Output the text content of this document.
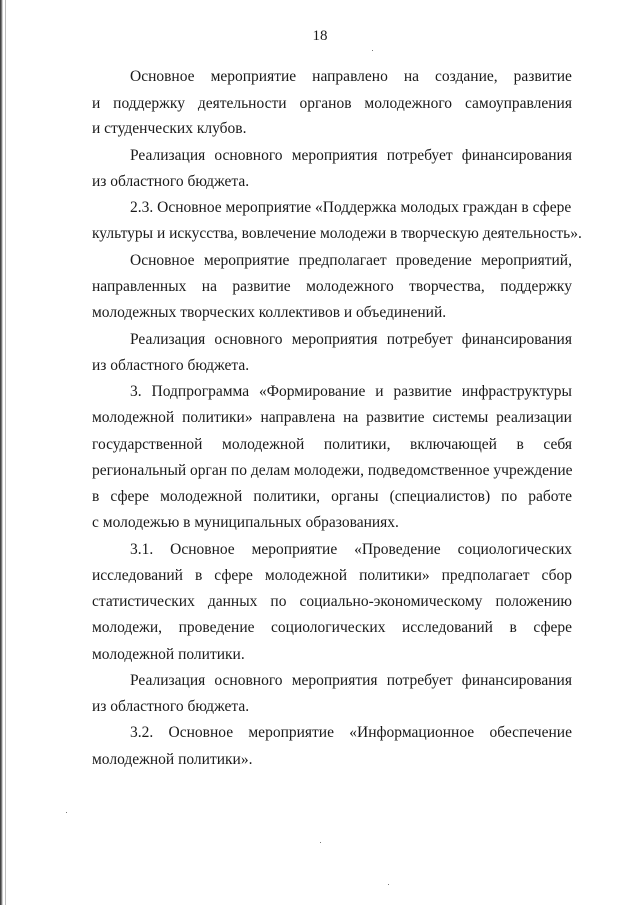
18
Основное мероприятие направлено на создание, развитие
и поддержку деятельности органов молодежного самоуправления
и студенческих клубов.
Реализация основного мероприятия потребует финансирования
из областного бюджета.
2.3. Основное мероприятие «Поддержка молодых граждан в сфере
культуры и искусства, вовлечение молодежи в творческую деятельность».
Основное мероприятие предполагает проведение мероприятий,
направленных на развитие молодежного творчества, поддержку
молодежных творческих коллективов и объединений.
Реализация основного мероприятия потребует финансирования
из областного бюджета.
3. Подпрограмма «Формирование и развитие инфраструктуры
молодежной политики» направлена на развитие системы реализации
государственной молодежной политики, включающей в себя
региональный орган по делам молодежи, подведомственное учреждение
в сфере молодежной политики, органы (специалистов) по работе
с молодежью в муниципальных образованиях.
3.1. Основное мероприятие «Проведение социологических
исследований в сфере молодежной политики» предполагает сбор
статистических данных по социально-экономическому положению
молодежи, проведение социологических исследований в сфере
молодежной политики.
Реализация основного мероприятия потребует финансирования
из областного бюджета.
3.2. Основное мероприятие «Информационное обеспечение
молодежной политики».
